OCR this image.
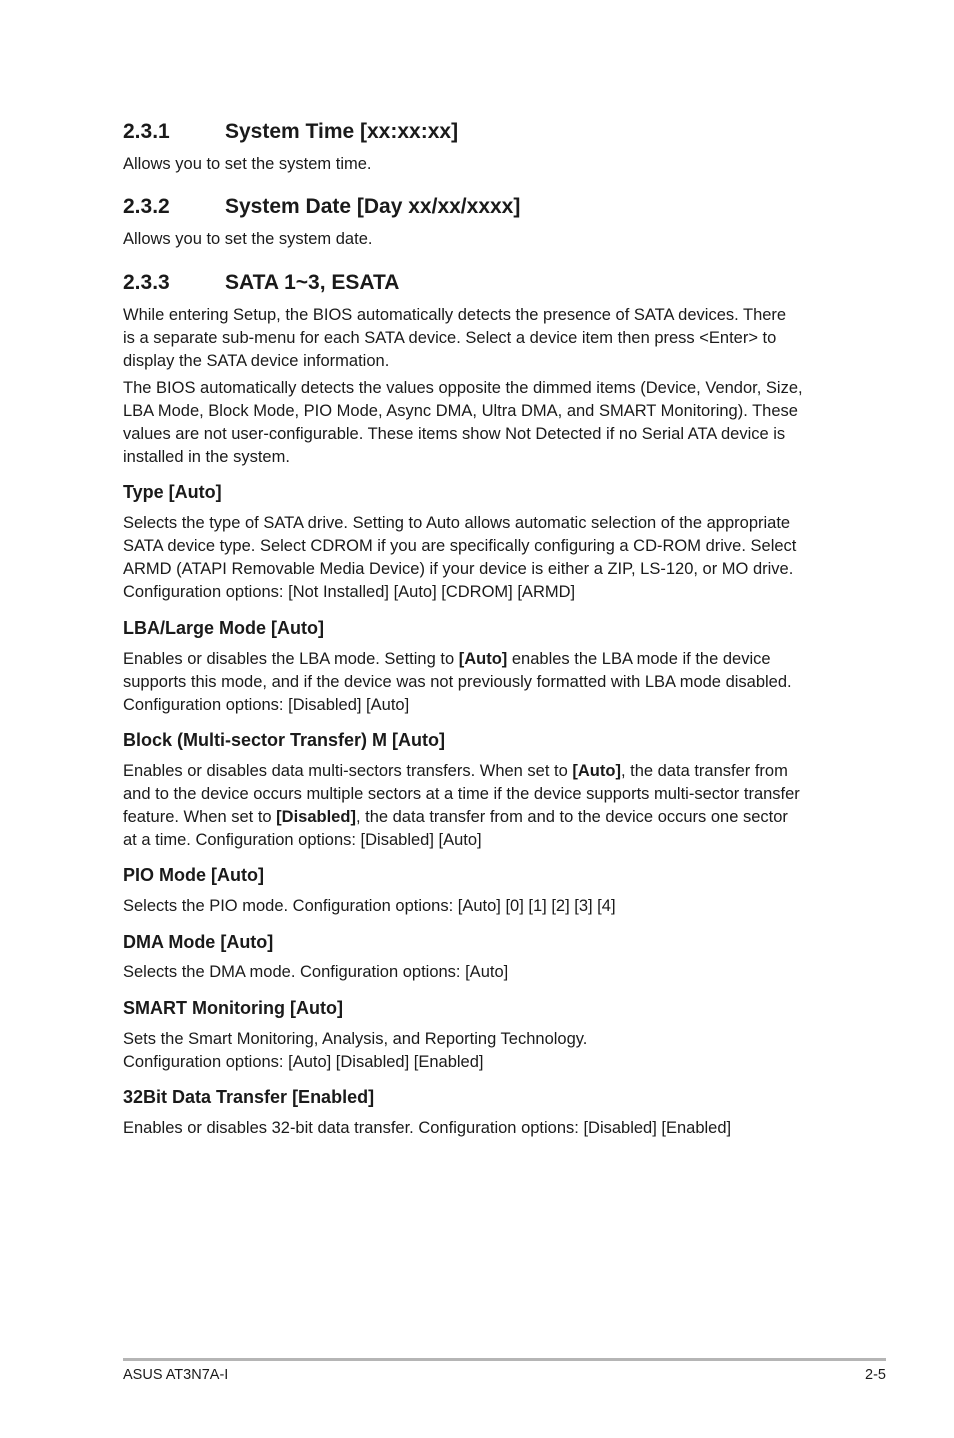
2.3.1	System Time [xx:xx:xx]

Allows you to set the system time.

2.3.2	System Date [Day xx/xx/xxxx]

Allows you to set the system date.

2.3.3	SATA 1~3, ESATA

While entering Setup, the BIOS automatically detects the presence of SATA devices. There
is a separate sub-menu for each SATA device. Select a device item then press <Enter> to
display the SATA device information.

The BIOS automatically detects the values opposite the dimmed items (Device, Vendor, Size,
LBA Mode, Block Mode, PIO Mode, Async DMA, Ultra DMA, and SMART Monitoring). These
values are not user-configurable. These items show Not Detected if no Serial ATA device is
installed in the system.

Type [Auto]

Selects the type of SATA drive. Setting to Auto allows automatic selection of the appropriate
SATA device type. Select CDROM if you are specifically configuring a CD-ROM drive. Select
ARMD (ATAPI Removable Media Device) if your device is either a ZIP, LS-120, or MO drive.
Configuration options: [Not Installed] [Auto] [CDROM] [ARMD]

LBA/Large Mode [Auto]

Enables or disables the LBA mode. Setting to [Auto] enables the LBA mode if the device
supports this mode, and if the device was not previously formatted with LBA mode disabled.
Configuration options: [Disabled] [Auto]

Block (Multi-sector Transfer) M [Auto]

Enables or disables data multi-sectors transfers. When set to [Auto], the data transfer from
and to the device occurs multiple sectors at a time if the device supports multi-sector transfer
feature. When set to [Disabled], the data transfer from and to the device occurs one sector
at a time. Configuration options: [Disabled] [Auto]

PIO Mode [Auto]

Selects the PIO mode. Configuration options: [Auto] [0] [1] [2] [3] [4]

DMA Mode [Auto]

Selects the DMA mode. Configuration options: [Auto]

SMART Monitoring [Auto]

Sets the Smart Monitoring, Analysis, and Reporting Technology.
Configuration options: [Auto] [Disabled] [Enabled]

32Bit Data Transfer [Enabled]

Enables or disables 32-bit data transfer. Configuration options: [Disabled] [Enabled]

ASUS AT3N7A-I	2-5
